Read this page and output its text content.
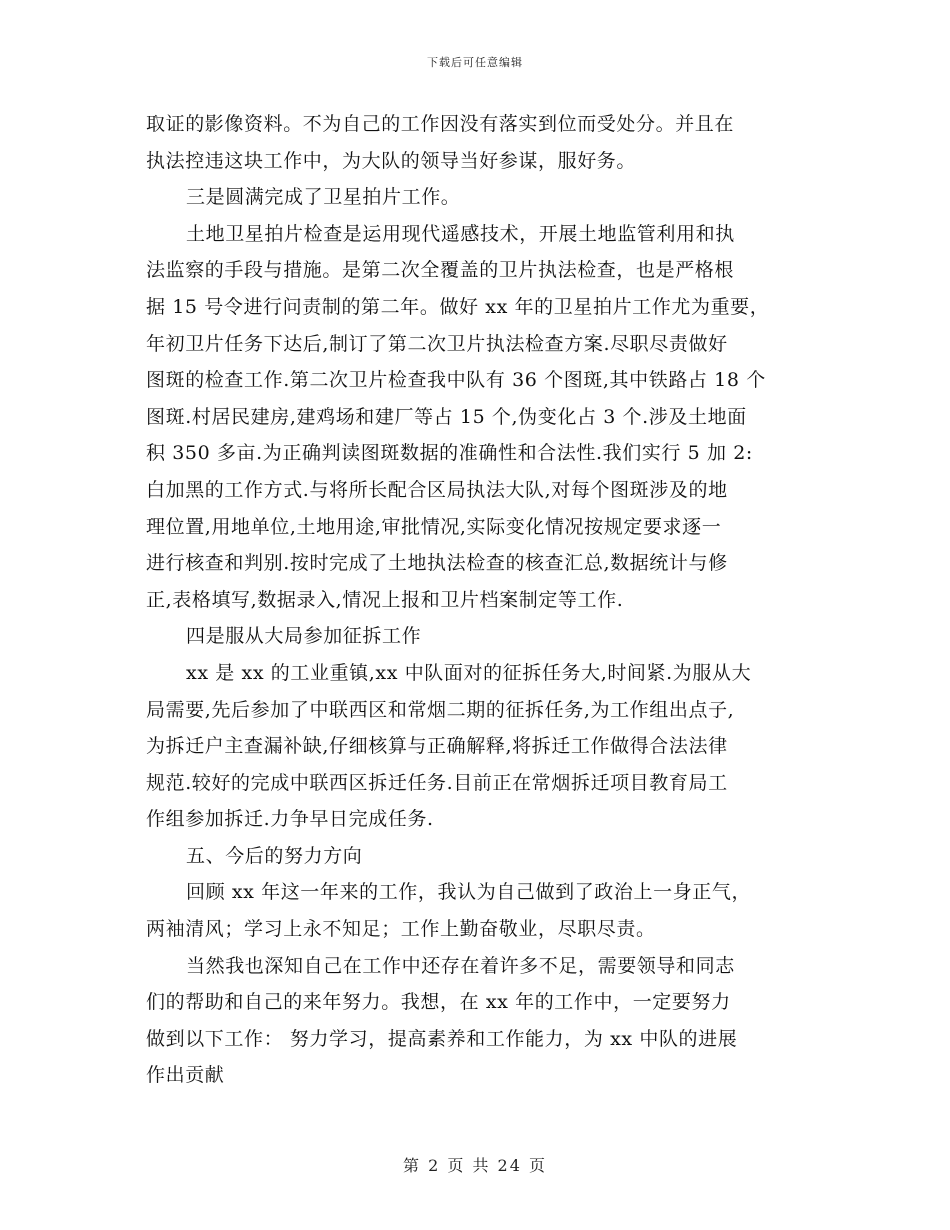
下载后可任意编辑
取证的影像资料。不为自己的工作因没有落实到位而受处分。并且在
执法控违这块工作中，为大队的领导当好参谋，服好务。
三是圆满完成了卫星拍片工作。
土地卫星拍片检查是运用现代遥感技术，开展土地监管利用和执
法监察的手段与措施。是第二次全覆盖的卫片执法检查，也是严格根
据 15 号令进行问责制的第二年。做好 xx 年的卫星拍片工作尤为重要，
年初卫片任务下达后,制订了第二次卫片执法检查方案.尽职尽责做好
图斑的检查工作.第二次卫片检查我中队有 36 个图斑,其中铁路占 18 个
图斑.村居民建房,建鸡场和建厂等占 15 个,伪变化占 3 个.涉及土地面
积 350 多亩.为正确判读图斑数据的准确性和合法性.我们实行 5 加 2:
白加黑的工作方式.与将所长配合区局执法大队,对每个图斑涉及的地
理位置,用地单位,土地用途,审批情况,实际变化情况按规定要求逐一
进行核查和判别.按时完成了土地执法检查的核查汇总,数据统计与修
正,表格填写,数据录入,情况上报和卫片档案制定等工作.
四是服从大局参加征拆工作
xx 是 xx 的工业重镇,xx 中队面对的征拆任务大,时间紧.为服从大
局需要,先后参加了中联西区和常烟二期的征拆任务,为工作组出点子,
为拆迁户主查漏补缺,仔细核算与正确解释,将拆迁工作做得合法法律
规范.较好的完成中联西区拆迁任务.目前正在常烟拆迁项目教育局工
作组参加拆迁.力争早日完成任务.
五、今后的努力方向
回顾 xx 年这一年来的工作，我认为自己做到了政治上一身正气，
两袖清风；学习上永不知足；工作上勤奋敬业，尽职尽责。
当然我也深知自己在工作中还存在着许多不足，需要领导和同志
们的帮助和自己的来年努力。我想，在 xx 年的工作中，一定要努力
做到以下工作： 努力学习，提高素养和工作能力，为 xx 中队的进展
作出贡献
第 2 页 共 24 页
